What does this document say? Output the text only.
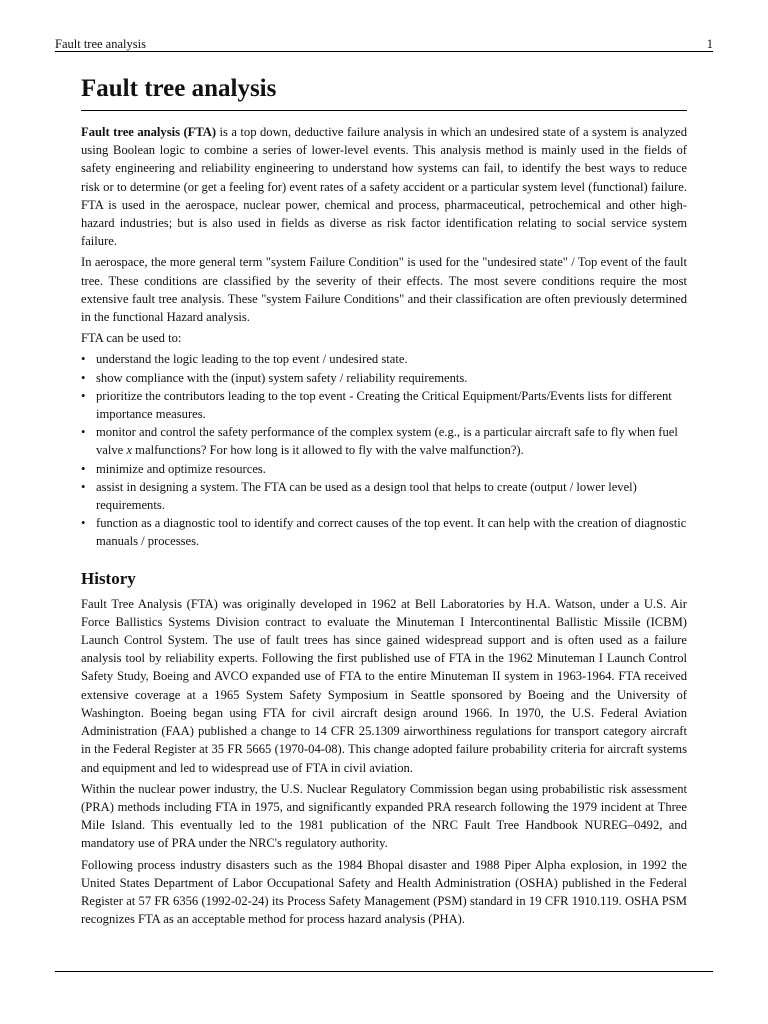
Fault tree analysis	1
Fault tree analysis

Fault tree analysis (FTA) is a top down, deductive failure analysis in which an undesired state of a system is analyzed using Boolean logic to combine a series of lower-level events. This analysis method is mainly used in the fields of safety engineering and reliability engineering to understand how systems can fail, to identify the best ways to reduce risk or to determine (or get a feeling for) event rates of a safety accident or a particular system level (functional) failure. FTA is used in the aerospace, nuclear power, chemical and process, pharmaceutical, petrochemical and other high-hazard industries; but is also used in fields as diverse as risk factor identification relating to social service system failure.

In aerospace, the more general term "system Failure Condition" is used for the "undesired state" / Top event of the fault tree. These conditions are classified by the severity of their effects. The most severe conditions require the most extensive fault tree analysis. These "system Failure Conditions" and their classification are often previously determined in the functional Hazard analysis.

FTA can be used to:

• understand the logic leading to the top event / undesired state.
• show compliance with the (input) system safety / reliability requirements.
• prioritize the contributors leading to the top event - Creating the Critical Equipment/Parts/Events lists for different importance measures.
• monitor and control the safety performance of the complex system (e.g., is a particular aircraft safe to fly when fuel valve x malfunctions? For how long is it allowed to fly with the valve malfunction?).
• minimize and optimize resources.
• assist in designing a system. The FTA can be used as a design tool that helps to create (output / lower level) requirements.
• function as a diagnostic tool to identify and correct causes of the top event. It can help with the creation of diagnostic manuals / processes.
History

Fault Tree Analysis (FTA) was originally developed in 1962 at Bell Laboratories by H.A. Watson, under a U.S. Air Force Ballistics Systems Division contract to evaluate the Minuteman I Intercontinental Ballistic Missile (ICBM) Launch Control System. The use of fault trees has since gained widespread support and is often used as a failure analysis tool by reliability experts. Following the first published use of FTA in the 1962 Minuteman I Launch Control Safety Study, Boeing and AVCO expanded use of FTA to the entire Minuteman II system in 1963-1964. FTA received extensive coverage at a 1965 System Safety Symposium in Seattle sponsored by Boeing and the University of Washington. Boeing began using FTA for civil aircraft design around 1966. In 1970, the U.S. Federal Aviation Administration (FAA) published a change to 14 CFR 25.1309 airworthiness regulations for transport category aircraft in the Federal Register at 35 FR 5665 (1970-04-08). This change adopted failure probability criteria for aircraft systems and equipment and led to widespread use of FTA in civil aviation.

Within the nuclear power industry, the U.S. Nuclear Regulatory Commission began using probabilistic risk assessment (PRA) methods including FTA in 1975, and significantly expanded PRA research following the 1979 incident at Three Mile Island. This eventually led to the 1981 publication of the NRC Fault Tree Handbook NUREG–0492, and mandatory use of PRA under the NRC's regulatory authority.

Following process industry disasters such as the 1984 Bhopal disaster and 1988 Piper Alpha explosion, in 1992 the United States Department of Labor Occupational Safety and Health Administration (OSHA) published in the Federal Register at 57 FR 6356 (1992-02-24) its Process Safety Management (PSM) standard in 19 CFR 1910.119. OSHA PSM recognizes FTA as an acceptable method for process hazard analysis (PHA).
